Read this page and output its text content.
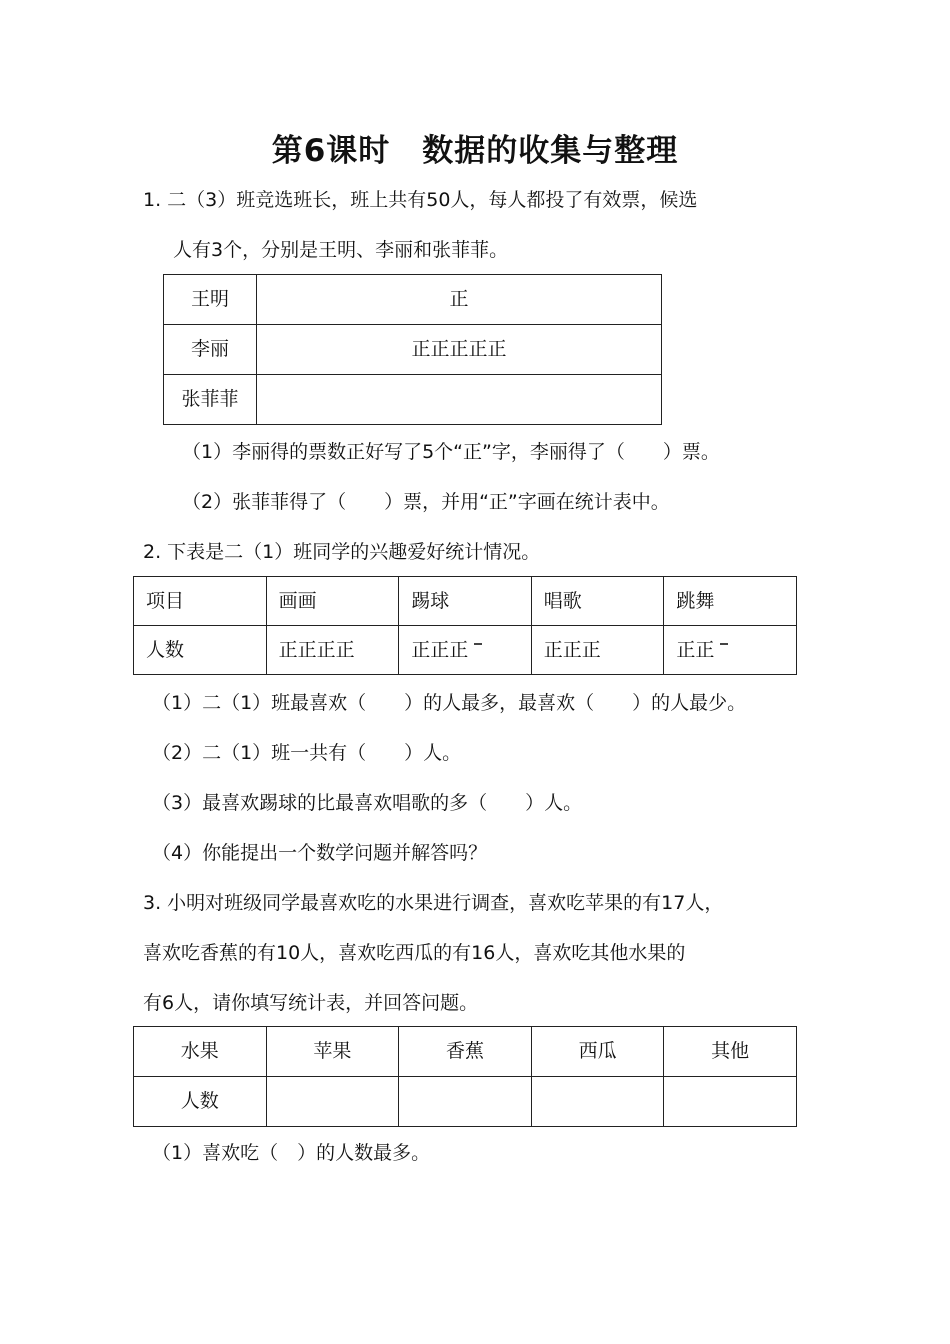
第6课时　数据的收集与整理
1. 二（3）班竞选班长，班上共有50人，每人都投了有效票，候选
人有3个，分别是王明、李丽和张菲菲。
王明	正
李丽	正正正正正
张菲菲	
（1）李丽得的票数正好写了5个“正”字，李丽得了（　　）票。
（2）张菲菲得了（　　）票，并用“正”字画在统计表中。
2. 下表是二（1）班同学的兴趣爱好统计情况。
项目	画画	踢球	唱歌	跳舞
人数	正正正正	正正正	正正正	正正
（1）二（1）班最喜欢（　　）的人最多，最喜欢（　　）的人最少。
（2）二（1）班一共有（　　）人。
（3）最喜欢踢球的比最喜欢唱歌的多（　　）人。
（4）你能提出一个数学问题并解答吗？
3. 小明对班级同学最喜欢吃的水果进行调查，喜欢吃苹果的有17人，
喜欢吃香蕉的有10人，喜欢吃西瓜的有16人，喜欢吃其他水果的
有6人，请你填写统计表，并回答问题。
水果	苹果	香蕉	西瓜	其他
人数				
（1）喜欢吃（　）的人数最多。
